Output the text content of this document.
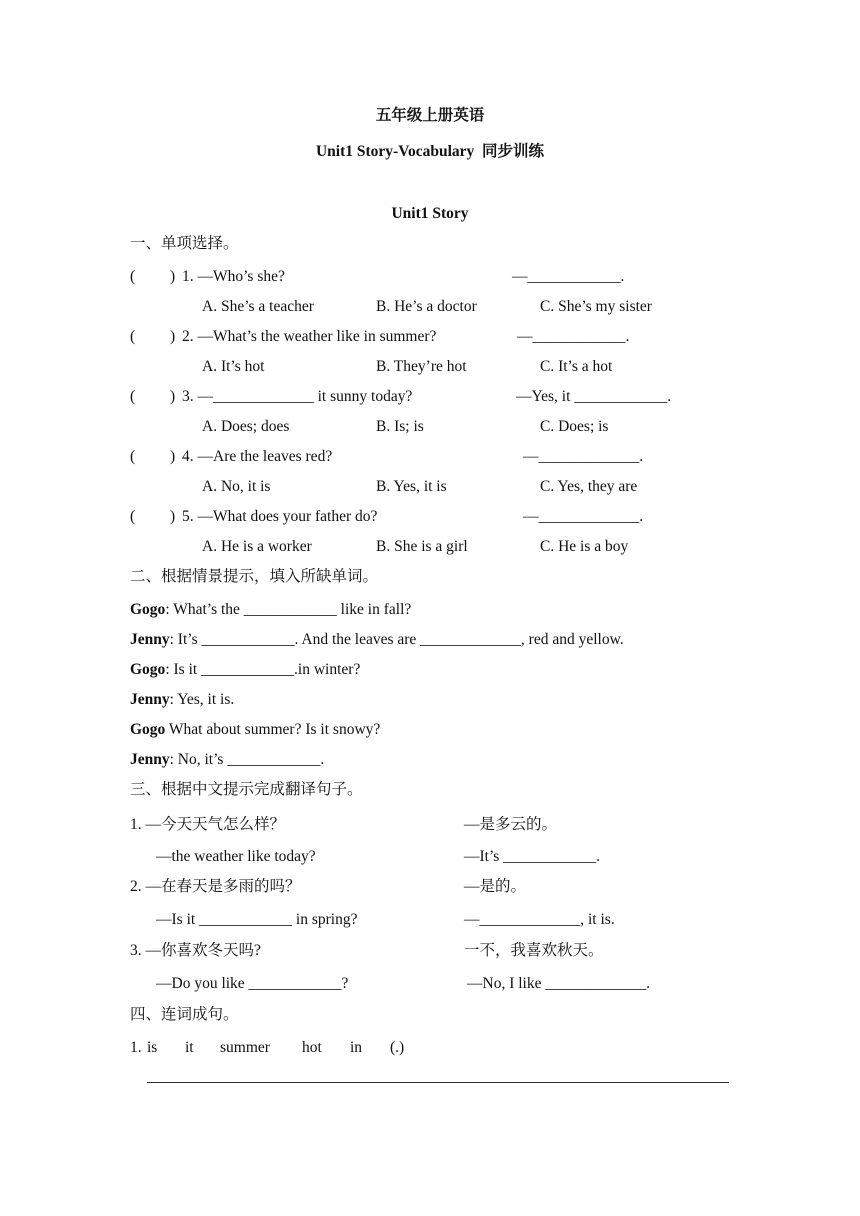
五年级上册英语
Unit1 Story-Vocabulary  同步训练
Unit1 Story
一、单项选择。
( ) 1. —Who’s she?	—____________.
A. She’s a teacher	B. He’s a doctor	C. She’s my sister
( ) 2. —What’s the weather like in summer?	—____________.
A. It’s hot	B. They’re hot	C. It’s a hot
( ) 3. —_____________ it sunny today?	—Yes, it ____________.
A. Does; does	B. Is; is	C. Does; is
( ) 4. —Are the leaves red?	—_____________.
A. No, it is	B. Yes, it is	C. Yes, they are
( ) 5. —What does your father do?	—_____________.
A. He is a worker	B. She is a girl	C. He is a boy
二、根据情景提示，填入所缺单词。
Gogo: What’s the ____________ like in fall?
Jenny: It’s ____________. And the leaves are _____________, red and yellow.
Gogo: Is it ____________.in winter?
Jenny: Yes, it is.
Gogo What about summer? Is it snowy?
Jenny: No, it’s ____________.
三、根据中文提示完成翻译句子。
1. —今天天气怎么样？	—是多云的。
—the weather like today?	—It’s ____________.
2. —在春天是多雨的吗？	—是的。
—Is it ____________ in spring?	—_____________, it is.
3. —你喜欢冬天吗?	一不，我喜欢秋天。
—Do you like ____________?	—No, I like _____________.
四、连词成句。
1. is it summer hot in (.)
